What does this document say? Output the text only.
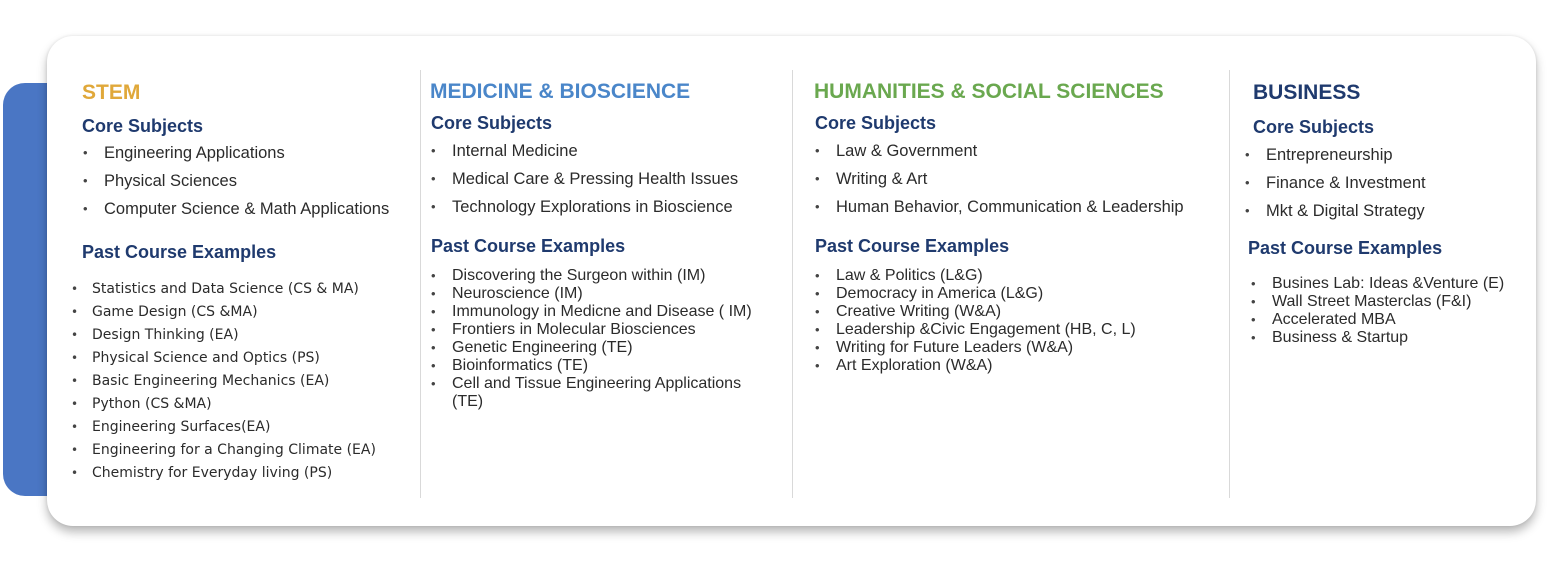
STEM
Core Subjects
• Engineering Applications
• Physical Sciences
• Computer Science & Math Applications
Past Course Examples
• Statistics and Data Science (CS & MA)
• Game Design (CS &MA)
• Design Thinking (EA)
• Physical Science and Optics (PS)
• Basic Engineering Mechanics (EA)
• Python (CS &MA)
• Engineering Surfaces(EA)
• Engineering for a Changing Climate (EA)
• Chemistry for Everyday living (PS)
MEDICINE & BIOSCIENCE
Core Subjects
• Internal Medicine
• Medical Care & Pressing Health Issues
• Technology Explorations in Bioscience
Past Course Examples
• Discovering the Surgeon within (IM)
• Neuroscience (IM)
• Immunology in Medicne and Disease ( IM)
• Frontiers in Molecular Biosciences
• Genetic Engineering (TE)
• Bioinformatics (TE)
• Cell and Tissue Engineering Applications (TE)
HUMANITIES & SOCIAL SCIENCES
Core Subjects
• Law & Government
• Writing & Art
• Human Behavior, Communication & Leadership
Past Course Examples
• Law & Politics (L&G)
• Democracy in America (L&G)
• Creative Writing (W&A)
• Leadership &Civic Engagement (HB, C, L)
• Writing for Future Leaders (W&A)
• Art Exploration (W&A)
BUSINESS
Core Subjects
• Entrepreneurship
• Finance & Investment
• Mkt & Digital Strategy
Past Course Examples
• Busines Lab: Ideas &Venture (E)
• Wall Street Masterclas (F&I)
• Accelerated MBA
• Business & Startup
